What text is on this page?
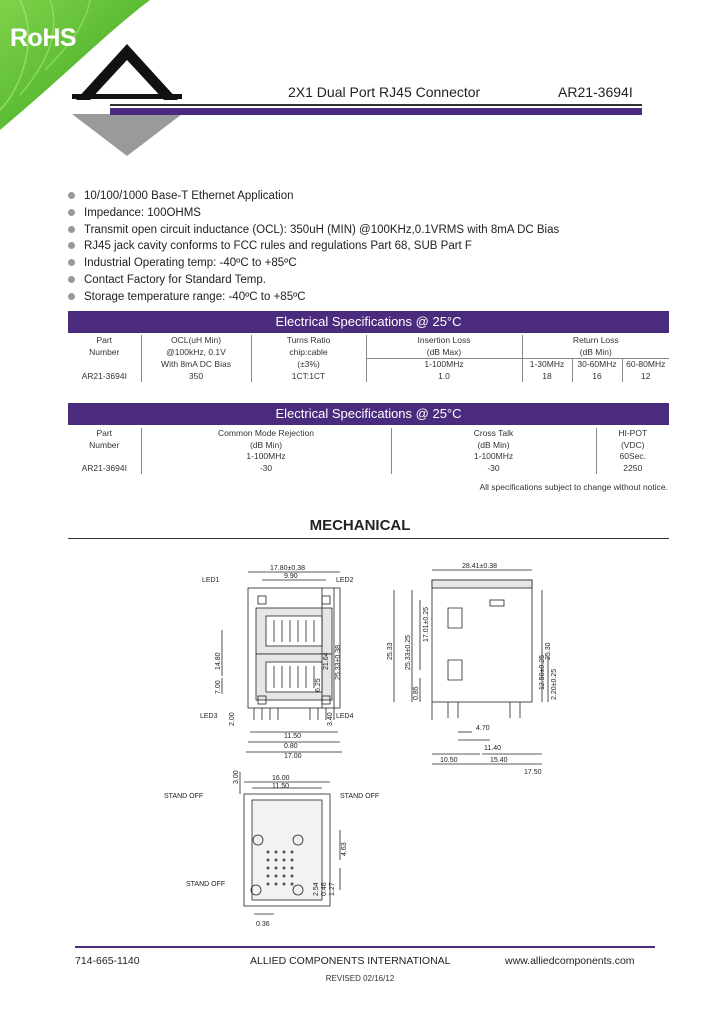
RoHS
2X1 Dual Port RJ45 Connector	AR21-3694I
10/100/1000 Base-T Ethernet Application
Impedance: 100OHMS
Transmit open circuit inductance (OCL): 350uH (MIN) @100KHz,0.1VRMS with 8mA DC Bias
RJ45 jack cavity conforms to FCC rules and regulations Part 68, SUB Part F
Industrial Operating temp: -40ºC to +85ºC
Contact Factory for Standard Temp.
Storage temperature range: -40ºC to +85ºC
Electrical Specifications @ 25°C
Part	OCL(uH Min)	Turns Ratio	Insertion Loss	Return Loss		
Number	@100kHz, 0.1V	chip:cable	(dB Max)	(dB Min)		
	With 8mA DC Bias	(±3%)	1-100MHz	1-30MHz	30-60MHz	60-80MHz
AR21-3694I	350	1CT:1CT	1.0	18	16	12
Electrical Specifications @ 25°C
Part	Common Mode Rejection	Cross Talk	HI-POT
Number	(dB Min)	(dB Min)	(VDC)
	1-100MHz	1-100MHz	60Sec.
AR21-3694I	-30	-30	2250
All specifications subject to change without notice.
MECHANICAL
LED1	LED2
LED3	LED4
STAND OFF	STAND OFF
STAND OFF
17.80±0.38
9.90
11.50
0.80
17.00
28.41±0.38
4.70
11.40
10.50	15.40
17.50
16.00
11.50
0.36
21.64 25.33±0.38
14.80
7.00	6.25
2.00	3.40
25.33 25.33±0.25
17.01±0.25
0.85
25.30
12.50±0.25 2.20±0.25
3.00
4.63
0.46 1.27
2.54
714-665-1140	ALLIED COMPONENTS INTERNATIONAL	www.alliedcomponents.com
REVISED 02/16/12
